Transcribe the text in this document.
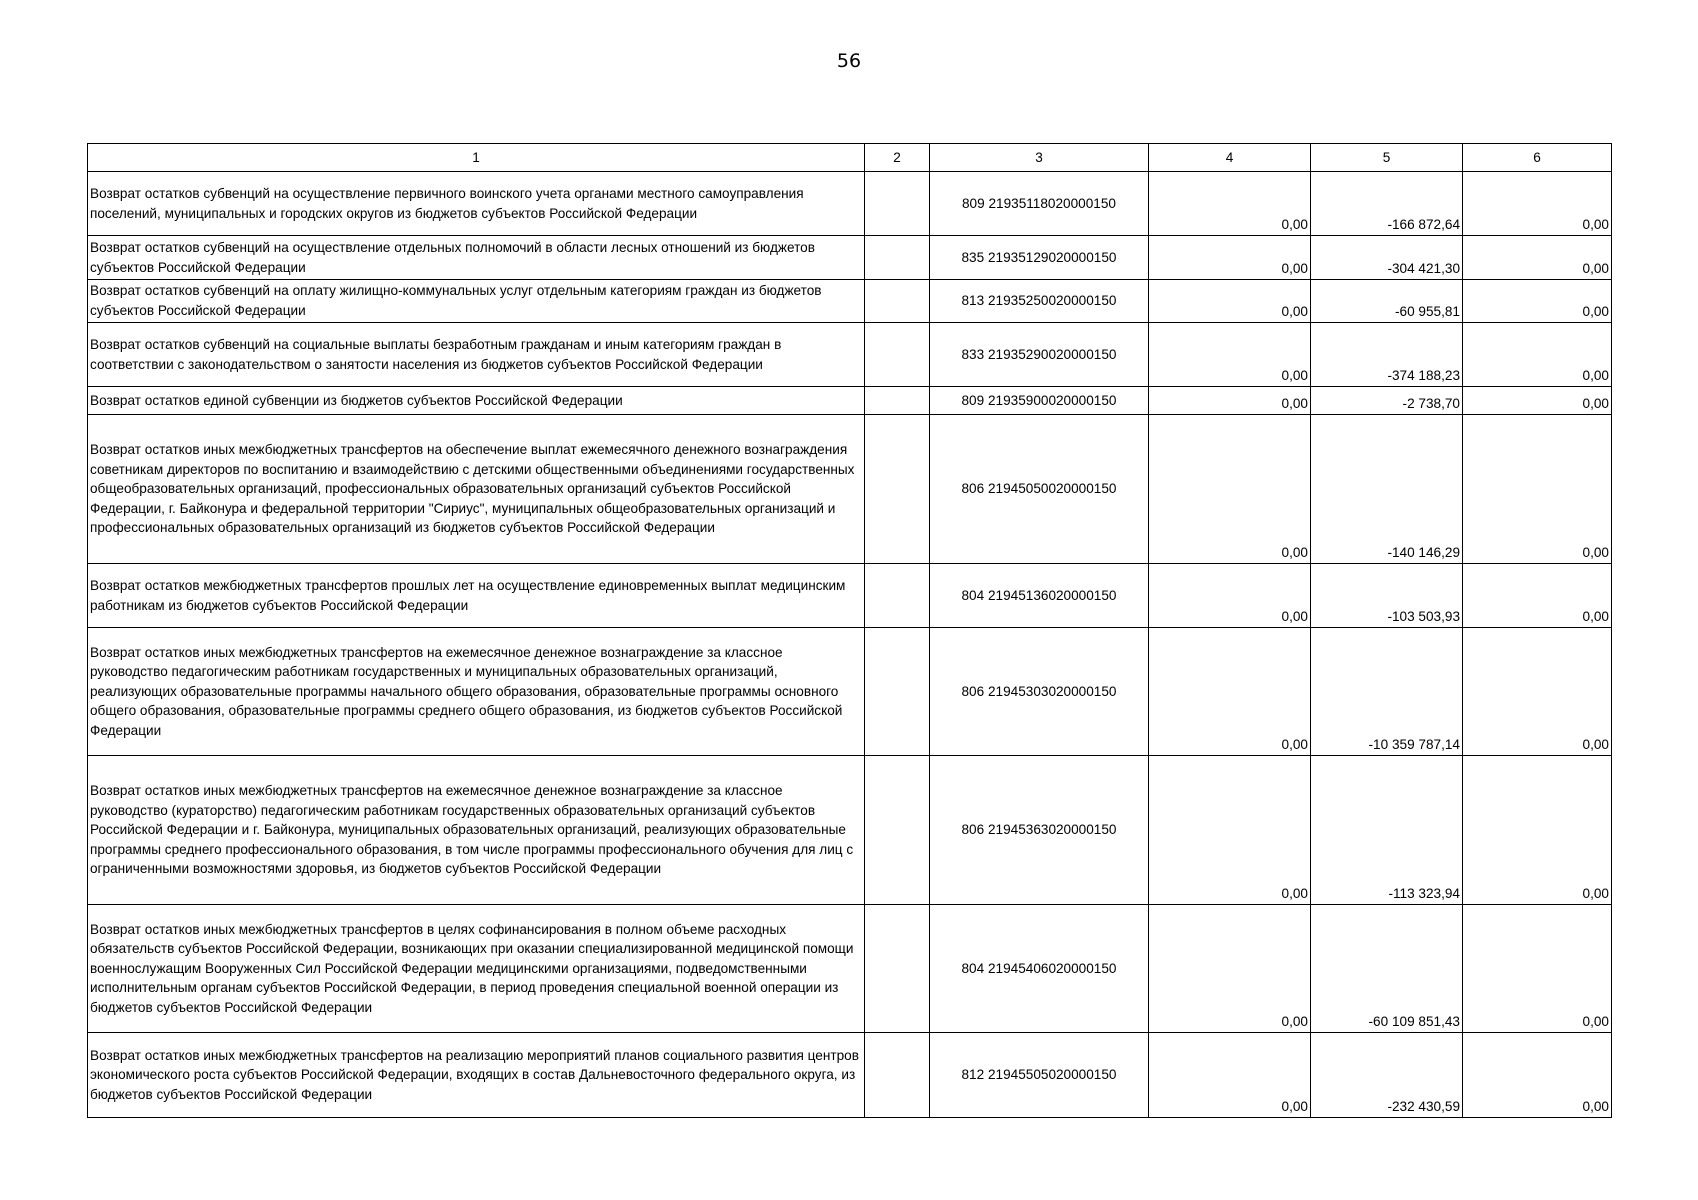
56
1	2	3	4	5	6

Возврат остатков субвенций на осуществление первичного воинского учета органами местного самоуправления поселений, муниципальных и городских округов из бюджетов субъектов Российской Федерации		809 21935118020000150	0,00	-166 872,64	0,00

Возврат остатков субвенций на осуществление отдельных полномочий в области лесных отношений из бюджетов субъектов Российской Федерации		835 21935129020000150	0,00	-304 421,30	0,00

Возврат остатков субвенций на оплату жилищно-коммунальных услуг отдельным категориям граждан из бюджетов субъектов Российской Федерации		813 21935250020000150	0,00	-60 955,81	0,00

Возврат остатков субвенций на социальные выплаты безработным гражданам и иным категориям граждан в соответствии с законодательством о занятости населения из бюджетов субъектов Российской Федерации		833 21935290020000150	0,00	-374 188,23	0,00

Возврат остатков единой субвенции из бюджетов субъектов Российской Федерации		809 21935900020000150	0,00	-2 738,70	0,00

Возврат остатков иных межбюджетных трансфертов на обеспечение выплат ежемесячного денежного вознаграждения советникам директоров по воспитанию и взаимодействию с детскими общественными объединениями государственных общеобразовательных организаций, профессиональных образовательных организаций субъектов Российской Федерации, г. Байконура и федеральной территории "Сириус", муниципальных общеобразовательных организаций и профессиональных образовательных организаций из бюджетов субъектов Российской Федерации		806 21945050020000150	0,00	-140 146,29	0,00

Возврат остатков межбюджетных трансфертов прошлых лет на осуществление единовременных выплат медицинским работникам из бюджетов субъектов Российской Федерации		804 21945136020000150	0,00	-103 503,93	0,00

Возврат остатков иных межбюджетных трансфертов на ежемесячное денежное вознаграждение за классное руководство педагогическим работникам государственных и муниципальных образовательных организаций, реализующих образовательные программы начального общего образования, образовательные программы основного общего образования, образовательные программы среднего общего образования, из бюджетов субъектов Российской Федерации		806 21945303020000150	0,00	-10 359 787,14	0,00

Возврат остатков иных межбюджетных трансфертов на ежемесячное денежное вознаграждение за классное руководство (кураторство) педагогическим работникам государственных образовательных организаций субъектов Российской Федерации и г. Байконура, муниципальных образовательных организаций, реализующих образовательные программы среднего профессионального образования, в том числе программы профессионального обучения для лиц с ограниченными возможностями здоровья, из бюджетов субъектов Российской Федерации		806 21945363020000150	0,00	-113 323,94	0,00

Возврат остатков иных межбюджетных трансфертов в целях софинансирования в полном объеме расходных обязательств субъектов Российской Федерации, возникающих при оказании специализированной медицинской помощи военнослужащим Вооруженных Сил Российской Федерации медицинскими организациями, подведомственными исполнительным органам субъектов Российской Федерации, в период проведения специальной военной операции из бюджетов субъектов Российской Федерации		804 21945406020000150	0,00	-60 109 851,43	0,00

Возврат остатков иных межбюджетных трансфертов на реализацию мероприятий планов социального развития центров экономического роста субъектов Российской Федерации, входящих в состав Дальневосточного федерального округа, из бюджетов субъектов Российской Федерации		812 21945505020000150	0,00	-232 430,59	0,00
